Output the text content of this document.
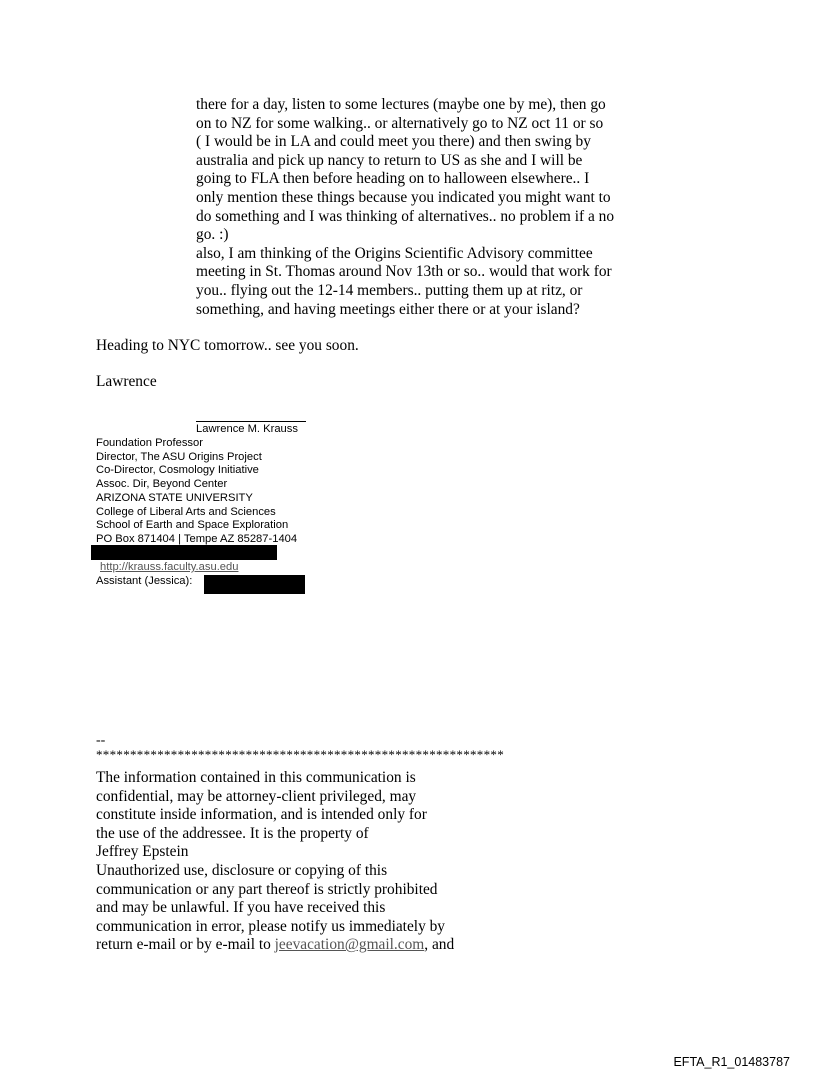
there for a day, listen to some lectures (maybe one by me), then go
on to NZ for some walking.. or alternatively go to NZ oct 11 or so
( I would be in LA and could meet you there) and then swing by
australia and pick up nancy to return to US as she and I will be
going to FLA then before heading on to halloween elsewhere.. I
only mention these things because you indicated you might want to
do something and I was thinking of alternatives.. no problem if a no
go. :)
also, I am thinking of the Origins Scientific Advisory committee
meeting in St. Thomas around Nov 13th or so.. would that work for
you.. flying out the 12-14 members.. putting them up at ritz, or
something, and having meetings either there or at your island?
Heading to NYC tomorrow.. see you soon.
Lawrence
Lawrence M. Krauss
Foundation Professor
Director, The ASU Origins Project
Co-Director, Cosmology Initiative
Assoc. Dir, Beyond Center
ARIZONA STATE UNIVERSITY
College of Liberal Arts and Sciences
School of Earth and Space Exploration
PO Box 871404 | Tempe AZ 85287-1404
http://krauss.faculty.asu.edu
Assistant (Jessica):
--
************************************************************
The information contained in this communication is
confidential, may be attorney-client privileged, may
constitute inside information, and is intended only for
the use of the addressee. It is the property of
Jeffrey Epstein
Unauthorized use, disclosure or copying of this
communication or any part thereof is strictly prohibited
and may be unlawful. If you have received this
communication in error, please notify us immediately by
return e-mail or by e-mail to jeevacation@gmail.com, and
EFTA_R1_01483787
